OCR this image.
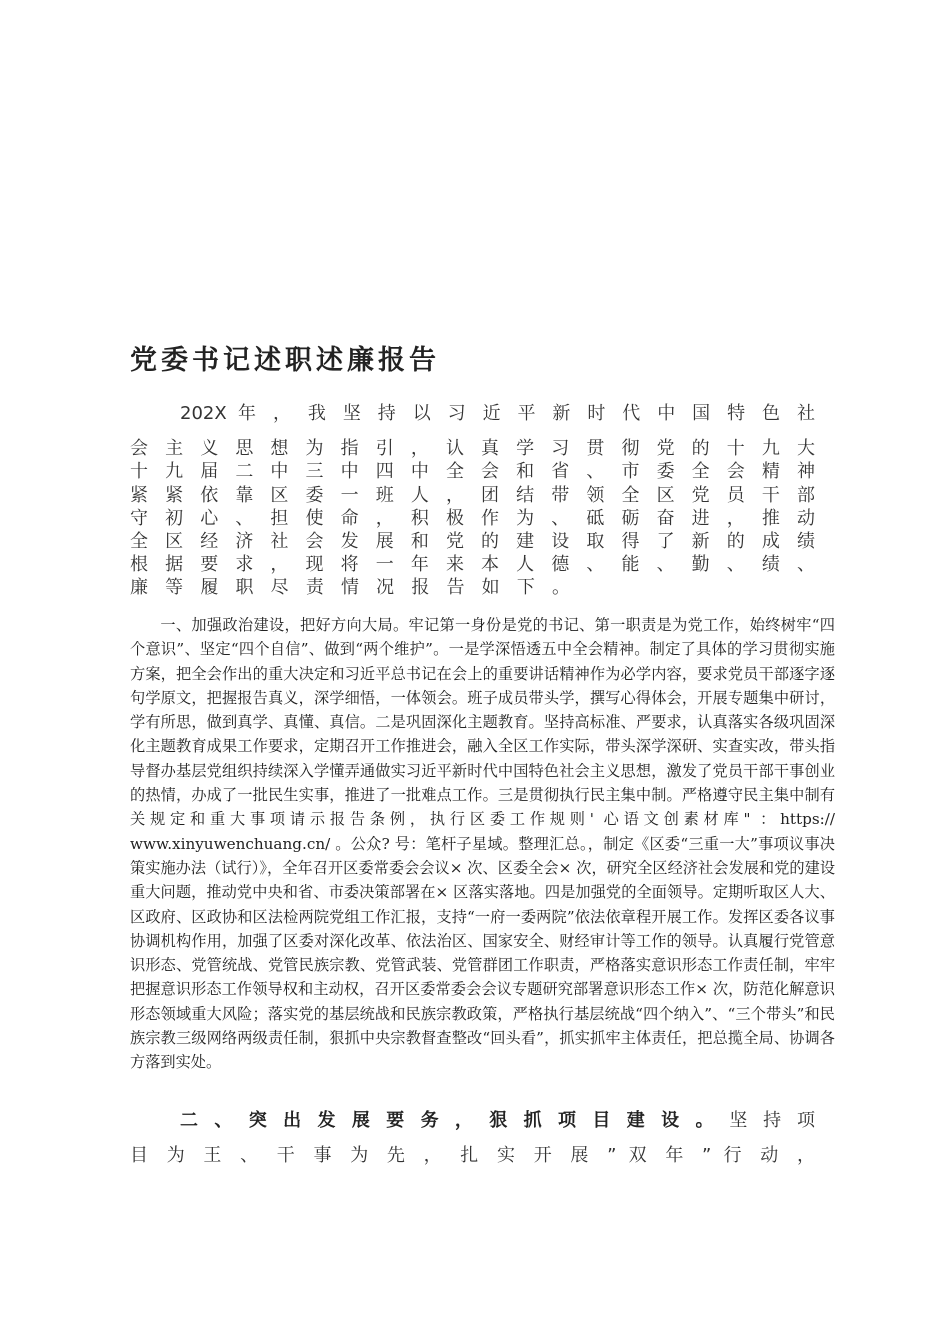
党委书记述职述廉报告
202X 年 ， 我 坚 持 以 习 近 平 新 时 代 中 国 特 色 社
会 主 义 思 想 为 指 引 ， 认 真 学 习 贯 彻 党 的 十 九 大
十 九 届 二 中 三 中 四 中 全 会 和 省 、 市 委 全 会 精 神
紧 紧 依 靠 区 委 一 班 人 ， 团 结 带 领 全 区 党 员 干 部
守 初 心 、 担 使 命 ， 积 极 作 为 、 砥 砺 奋 进 ， 推 动
全 区 经 济 社 会 发 展 和 党 的 建 设 取 得 了 新 的 成 绩
根 据 要 求 ， 现 将 一 年 来 本 人 德 、 能 、 勤 、 绩 、
廉 等 履 职 尽 责 情 况 报 告 如 下 。

一、加强政治建设，把好方向大局。牢记第一身份是党的书记、第一职责是为党工作，始终树牢“四个意识”、坚定“四个自信”、做到“两个维护”。一是学深悟透五中全会精神。制定了具体的学习贯彻实施方案，把全会作出的重大决定和习近平总书记在会上的重要讲话精神作为必学内容，要求党员干部逐字逐句学原文，把握报告真义，深学细悟，一体领会。班子成员带头学，撰写心得体会，开展专题集中研讨，学有所思，做到真学、真懂、真信。二是巩固深化主题教育。坚持高标准、严要求，认真落实各级巩固深化主题教育成果工作要求，定期召开工作推进会，融入全区工作实际，带头深学深研、实查实改，带头指导督办基层党组织持续深入学懂弄通做实习近平新时代中国特色社会主义思想，激发了党员干部干事创业的热情，办成了一批民生实事，推进了一批难点工作。三是贯彻执行民主集中制。严格遵守民主集中制有关规定和重大事项请示报告条例，执行区委工作规则' 心语文创素材库" ：https:// www.xinyuwenchuang.cn/ 。公众? 号：笔杆子星域。整理汇总。，制定《区委“三重一大”事项议事决策实施办法（试行）》，全年召开区委常委会会议× 次、区委全会× 次，研究全区经济社会发展和党的建设重大问题，推动党中央和省、市委决策部署在× 区落实落地。四是加强党的全面领导。定期听取区人大、区政府、区政协和区法检两院党组工作汇报，支持“一府一委两院”依法依章程开展工作。发挥区委各议事协调机构作用，加强了区委对深化改革、依法治区、国家安全、财经审计等工作的领导。认真履行党管意识形态、党管统战、党管民族宗教、党管武装、党管群团工作职责，严格落实意识形态工作责任制，牢牢把握意识形态工作领导权和主动权，召开区委常委会会议专题研究部署意识形态工作× 次，防范化解意识形态领域重大风险；落实党的基层统战和民族宗教政策，严格执行基层统战“四个纳入”、“三个带头”和民族宗教三级网络两级责任制，狠抓中央宗教督查整改“回头看”，抓实抓牢主体责任，把总揽全局、协调各方落到实处。

二 、 突 出 发 展 要 务 ， 狠 抓 项 目 建 设 。 坚 持 项
目 为 王 、 干 事 为 先 ， 扎 实 开 展 ” 双 年 ” 行 动 ，
